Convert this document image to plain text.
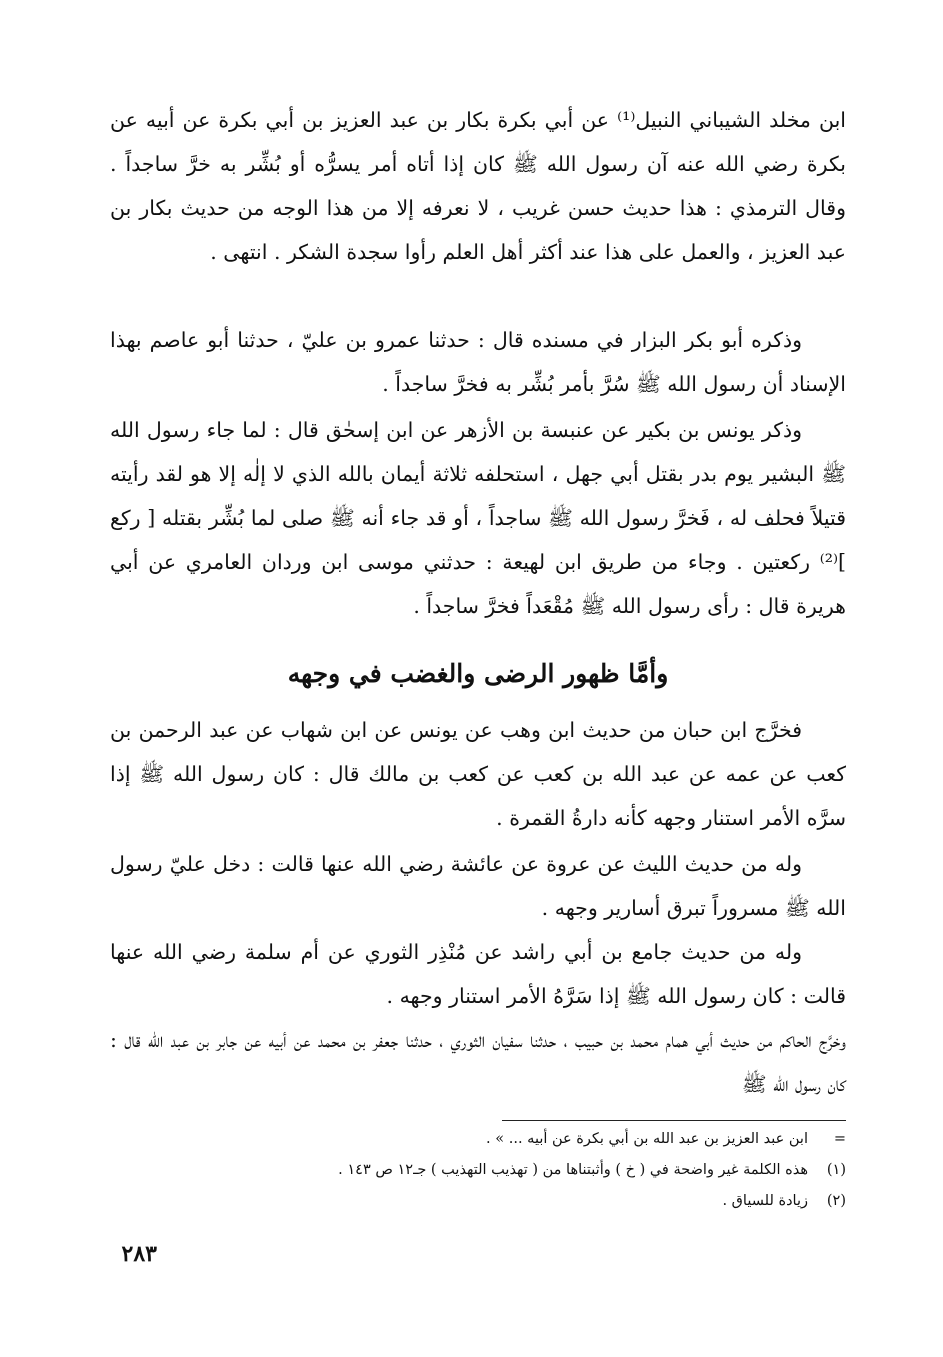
ابن مخلد الشيباني النبيل⁽¹⁾ عن أبي بكرة بكار بن عبد العزيز بن أبي بكرة عن أبيه عن بكرة رضي الله عنه آن رسول الله ﷺ كان إذا أتاه أمر يسرُّه أو بُشِّر به خرَّ ساجداً . وقال الترمذي : هذا حديث حسن غريب ، لا نعرفه إلا من هذا الوجه من حديث بكار بن عبد العزيز ، والعمل على هذا عند أكثر أهل العلم رأوا سجدة الشكر . انتهى .
وذكره أبو بكر البزار في مسنده قال : حدثنا عمرو بن عليّ ، حدثنا أبو عاصم بهذا الإسناد أن رسول الله ﷺ سُرَّ بأمر بُشِّر به فخرَّ ساجداً .
وذكر يونس بن بكير عن عنبسة بن الأزهر عن ابن إسحٰق قال : لما جاء رسول الله ﷺ البشير يوم بدر بقتل أبي جهل ، استحلفه ثلاثة أيمان بالله الذي لا إلٰه إلا هو لقد رأيته قتيلاً فحلف له ، فَخرَّ رسول الله ﷺ ساجداً ، أو قد جاء أنه ﷺ صلى لما بُشِّر بقتله [ ركع ]⁽²⁾ ركعتين . وجاء من طريق ابن لهيعة : حدثني موسى ابن وردان العامري عن أبي هريرة قال : رأى رسول الله ﷺ مُقْعَداً فخرَّ ساجداً .
وأمَّا ظهور الرضى والغضب في وجهه
فخرَّج ابن حبان من حديث ابن وهب عن يونس عن ابن شهاب عن عبد الرحمن بن كعب عن عمه عن عبد الله بن كعب عن كعب بن مالك قال : كان رسول الله ﷺ إذا سرَّه الأمر استنار وجهه كأنه دارةُ القمرة .
وله من حديث الليث عن عروة عن عائشة رضي الله عنها قالت : دخل عليّ رسول الله ﷺ مسروراً تبرق أسارير وجهه .
وله من حديث جامع بن أبي راشد عن مُنْذِر الثوري عن أم سلمة رضي الله عنها قالت : كان رسول الله ﷺ إذا سَرَّهُ الأمر استنار وجهه .
وخرَّج الحاكم من حديث أبي همام محمد بن حبيب ، حدثنا سفيان الثوري ، حدثنا جعفر بن محمد عن أبيه عن جابر بن عبد الله قال : كان رسول الله ﷺ
=
ابن عبد العزيز بن عبد الله بن أبي بكرة عن أبيه ... » .
(١)
هذه الكلمة غير واضحة في ( خ ) وأثبتناها من ( تهذيب التهذيب ) جـ١٢ ص ١٤٣ .
(٢)
زيادة للسياق .
٢٨٣
